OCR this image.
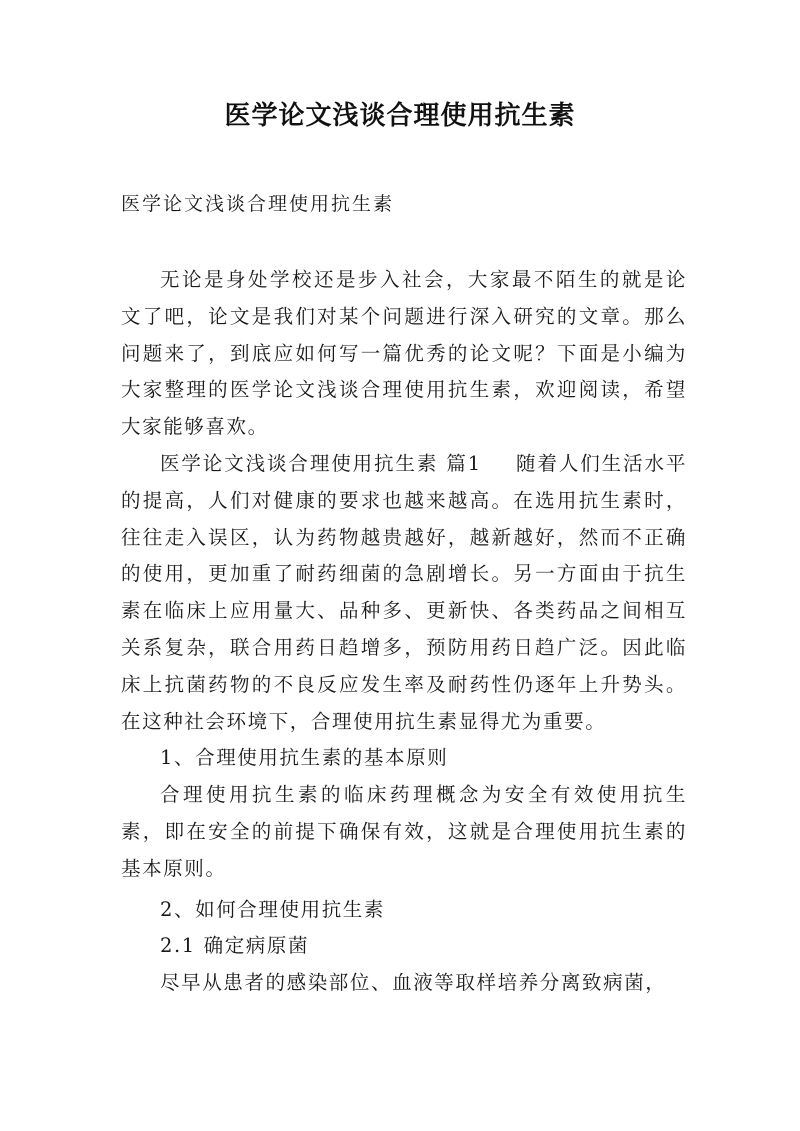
医学论文浅谈合理使用抗生素
医学论文浅谈合理使用抗生素

无论是身处学校还是步入社会，大家最不陌生的就是论文了吧，论文是我们对某个问题进行深入研究的文章。那么问题来了，到底应如何写一篇优秀的论文呢？下面是小编为大家整理的医学论文浅谈合理使用抗生素，欢迎阅读，希望大家能够喜欢。

医学论文浅谈合理使用抗生素 篇1 随着人们生活水平的提高，人们对健康的要求也越来越高。在选用抗生素时，往往走入误区，认为药物越贵越好，越新越好，然而不正确的使用，更加重了耐药细菌的急剧增长。另一方面由于抗生素在临床上应用量大、品种多、更新快、各类药品之间相互关系复杂，联合用药日趋增多，预防用药日趋广泛。因此临床上抗菌药物的不良反应发生率及耐药性仍逐年上升势头。在这种社会环境下，合理使用抗生素显得尤为重要。

1、合理使用抗生素的基本原则

合理使用抗生素的临床药理概念为安全有效使用抗生素，即在安全的前提下确保有效，这就是合理使用抗生素的基本原则。

2、如何合理使用抗生素

2.1 确定病原菌

尽早从患者的感染部位、血液等取样培养分离致病菌，
